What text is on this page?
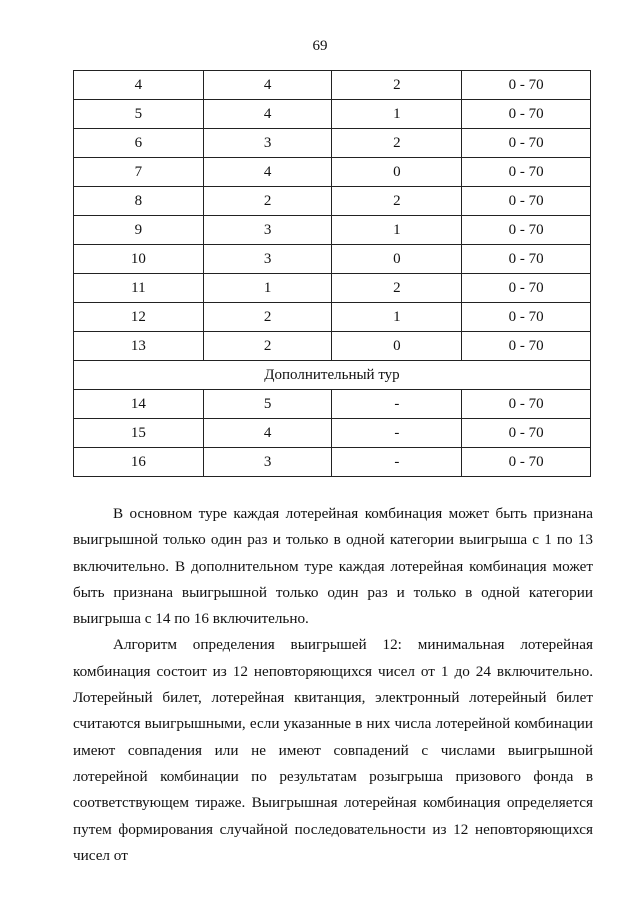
69
4	4	2	0 - 70
5	4	1	0 - 70
6	3	2	0 - 70
7	4	0	0 - 70
8	2	2	0 - 70
9	3	1	0 - 70
10	3	0	0 - 70
11	1	2	0 - 70
12	2	1	0 - 70
13	2	0	0 - 70
Дополнительный тур			
14	5	-	0 - 70
15	4	-	0 - 70
16	3	-	0 - 70

В основном туре каждая лотерейная комбинация может быть признана выигрышной только один раз и только в одной категории выигрыша с 1 по 13 включительно. В дополнительном туре каждая лотерейная комбинация может быть признана выигрышной только один раз и только в одной категории выигрыша с 14 по 16 включительно.

Алгоритм определения выигрышей 12: минимальная лотерейная комбинация состоит из 12 неповторяющихся чисел от 1 до 24 включительно. Лотерейный билет, лотерейная квитанция, электронный лотерейный билет считаются выигрышными, если указанные в них числа лотерейной комбинации имеют совпадения или не имеют совпадений с числами выигрышной лотерейной комбинации по результатам розыгрыша призового фонда в соответствующем тираже. Выигрышная лотерейная комбинация определяется путем формирования случайной последовательности из 12 неповторяющихся чисел от
